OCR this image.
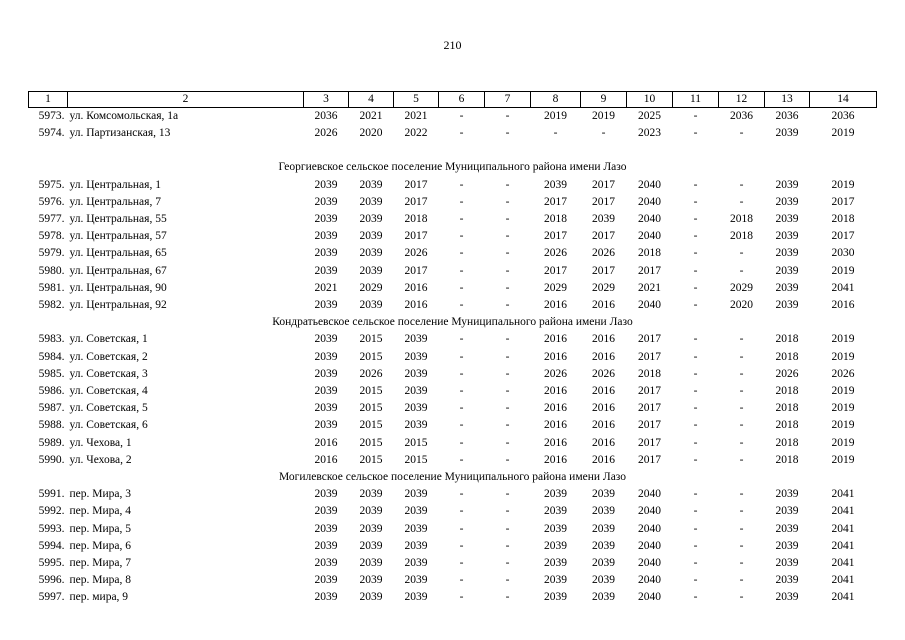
210
1	2	3	4	5	6	7	8	9	10	11	12	13	14
5973.	ул. Комсомольская, 1а	2036	2021	2021	-	-	2019	2019	2025	-	2036	2036	2036
5974.	ул. Партизанская, 13	2026	2020	2022	-	-	-	-	2023	-	-	2039	2019

Георгиевское сельское поселение Муниципального района имени Лазо													
5975.	ул. Центральная, 1	2039	2039	2017	-	-	2039	2017	2040	-	-	2039	2019
5976.	ул. Центральная, 7	2039	2039	2017	-	-	2017	2017	2040	-	-	2039	2017
5977.	ул. Центральная, 55	2039	2039	2018	-	-	2018	2039	2040	-	2018	2039	2018
5978.	ул. Центральная, 57	2039	2039	2017	-	-	2017	2017	2040	-	2018	2039	2017
5979.	ул. Центральная, 65	2039	2039	2026	-	-	2026	2026	2018	-	-	2039	2030
5980.	ул. Центральная, 67	2039	2039	2017	-	-	2017	2017	2017	-	-	2039	2019
5981.	ул. Центральная, 90	2021	2029	2016	-	-	2029	2029	2021	-	2029	2039	2041
5982.	ул. Центральная, 92	2039	2039	2016	-	-	2016	2016	2040	-	2020	2039	2016
Кондратьевское сельское поселение Муниципального района имени Лазо													
5983.	ул. Советская, 1	2039	2015	2039	-	-	2016	2016	2017	-	-	2018	2019
5984.	ул. Советская, 2	2039	2015	2039	-	-	2016	2016	2017	-	-	2018	2019
5985.	ул. Советская, 3	2039	2026	2039	-	-	2026	2026	2018	-	-	2026	2026
5986.	ул. Советская, 4	2039	2015	2039	-	-	2016	2016	2017	-	-	2018	2019
5987.	ул. Советская, 5	2039	2015	2039	-	-	2016	2016	2017	-	-	2018	2019
5988.	ул. Советская, 6	2039	2015	2039	-	-	2016	2016	2017	-	-	2018	2019
5989.	ул. Чехова, 1	2016	2015	2015	-	-	2016	2016	2017	-	-	2018	2019
5990.	ул. Чехова, 2	2016	2015	2015	-	-	2016	2016	2017	-	-	2018	2019
Могилевское сельское поселение Муниципального района имени Лазо													
5991.	пер. Мира, 3	2039	2039	2039	-	-	2039	2039	2040	-	-	2039	2041
5992.	пер. Мира, 4	2039	2039	2039	-	-	2039	2039	2040	-	-	2039	2041
5993.	пер. Мира, 5	2039	2039	2039	-	-	2039	2039	2040	-	-	2039	2041
5994.	пер. Мира, 6	2039	2039	2039	-	-	2039	2039	2040	-	-	2039	2041
5995.	пер. Мира, 7	2039	2039	2039	-	-	2039	2039	2040	-	-	2039	2041
5996.	пер. Мира, 8	2039	2039	2039	-	-	2039	2039	2040	-	-	2039	2041
5997.	пер. мира, 9	2039	2039	2039	-	-	2039	2039	2040	-	-	2039	2041
